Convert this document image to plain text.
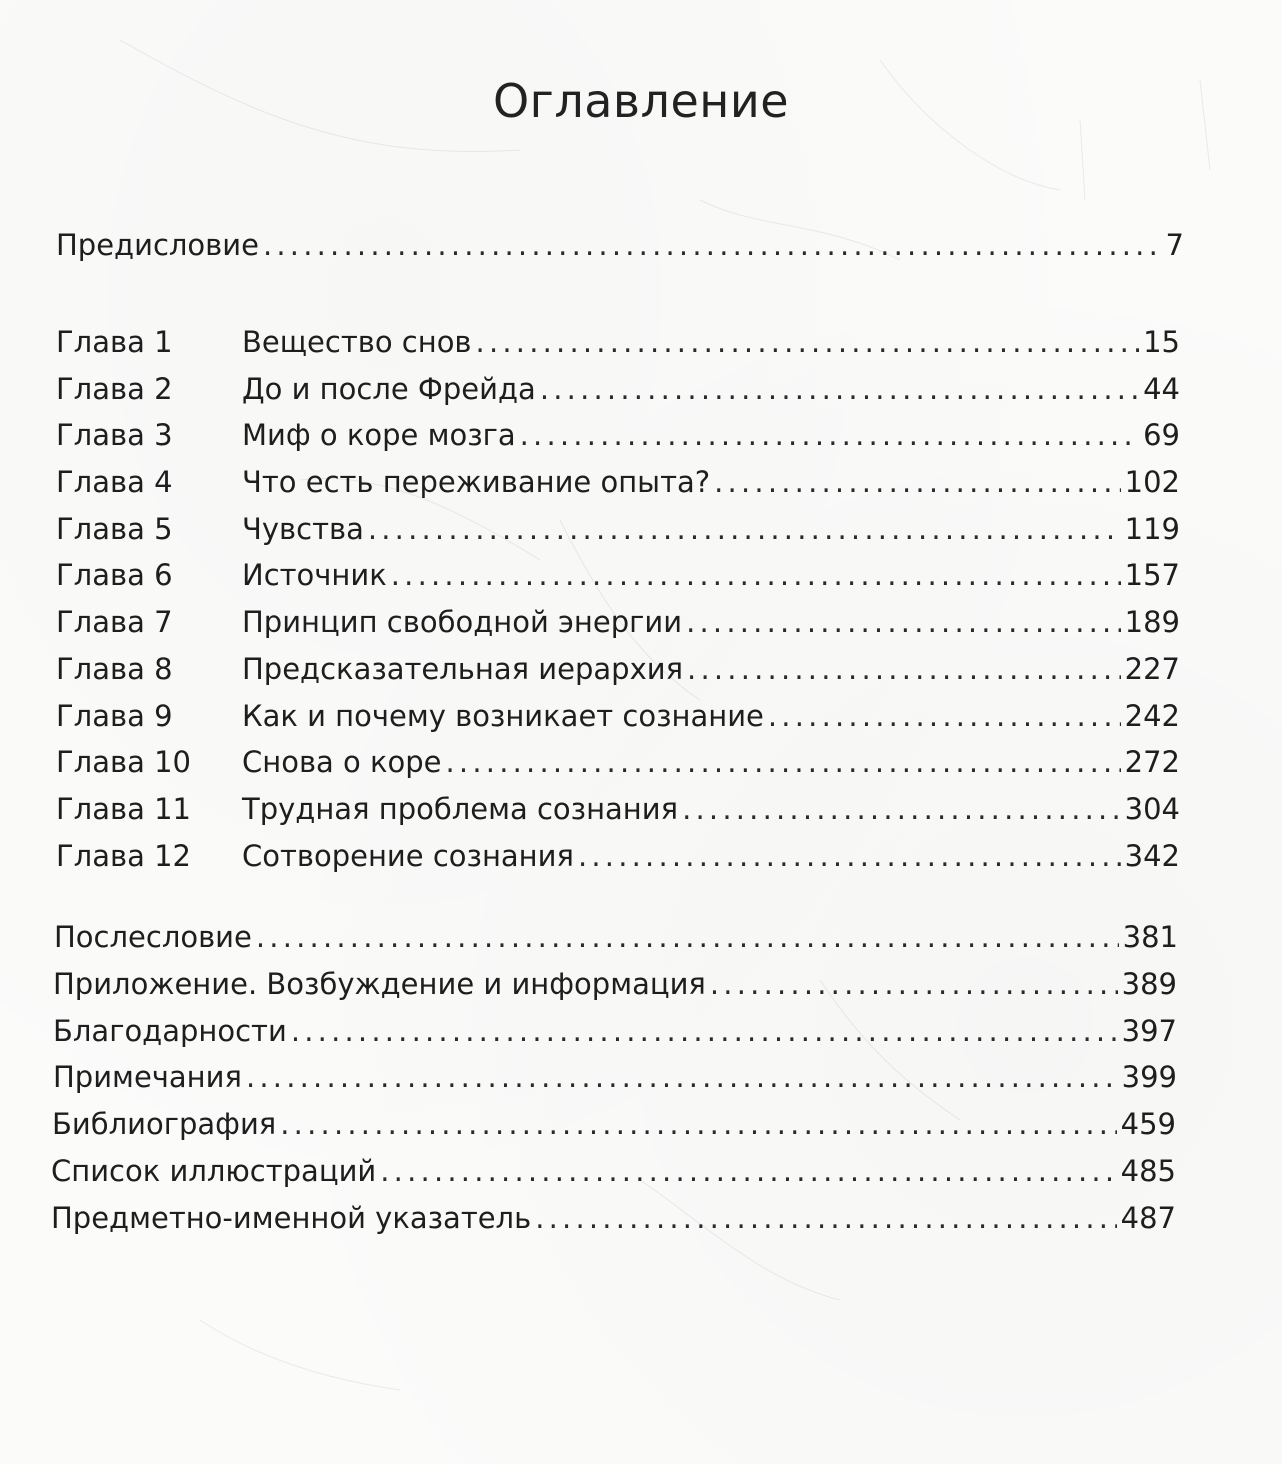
Оглавление
Предисловие .....	7
Глава 1	Вещество снов .....	15
Глава 2	До и после Фрейда .....	44
Глава 3	Миф о коре мозга .....	69
Глава 4	Что есть переживание опыта? .....	102
Глава 5	Чувства .....	119
Глава 6	Источник .....	157
Глава 7	Принцип свободной энергии .....	189
Глава 8	Предсказательная иерархия .....	227
Глава 9	Как и почему возникает сознание .....	242
Глава 10	Снова о коре .....	272
Глава 11	Трудная проблема сознания .....	304
Глава 12	Сотворение сознания .....	342
Послесловие .....	381
Приложение. Возбуждение и информация .....	389
Благодарности .....	397
Примечания .....	399
Библиография .....	459
Список иллюстраций .....	485
Предметно-именной указатель .....	487
